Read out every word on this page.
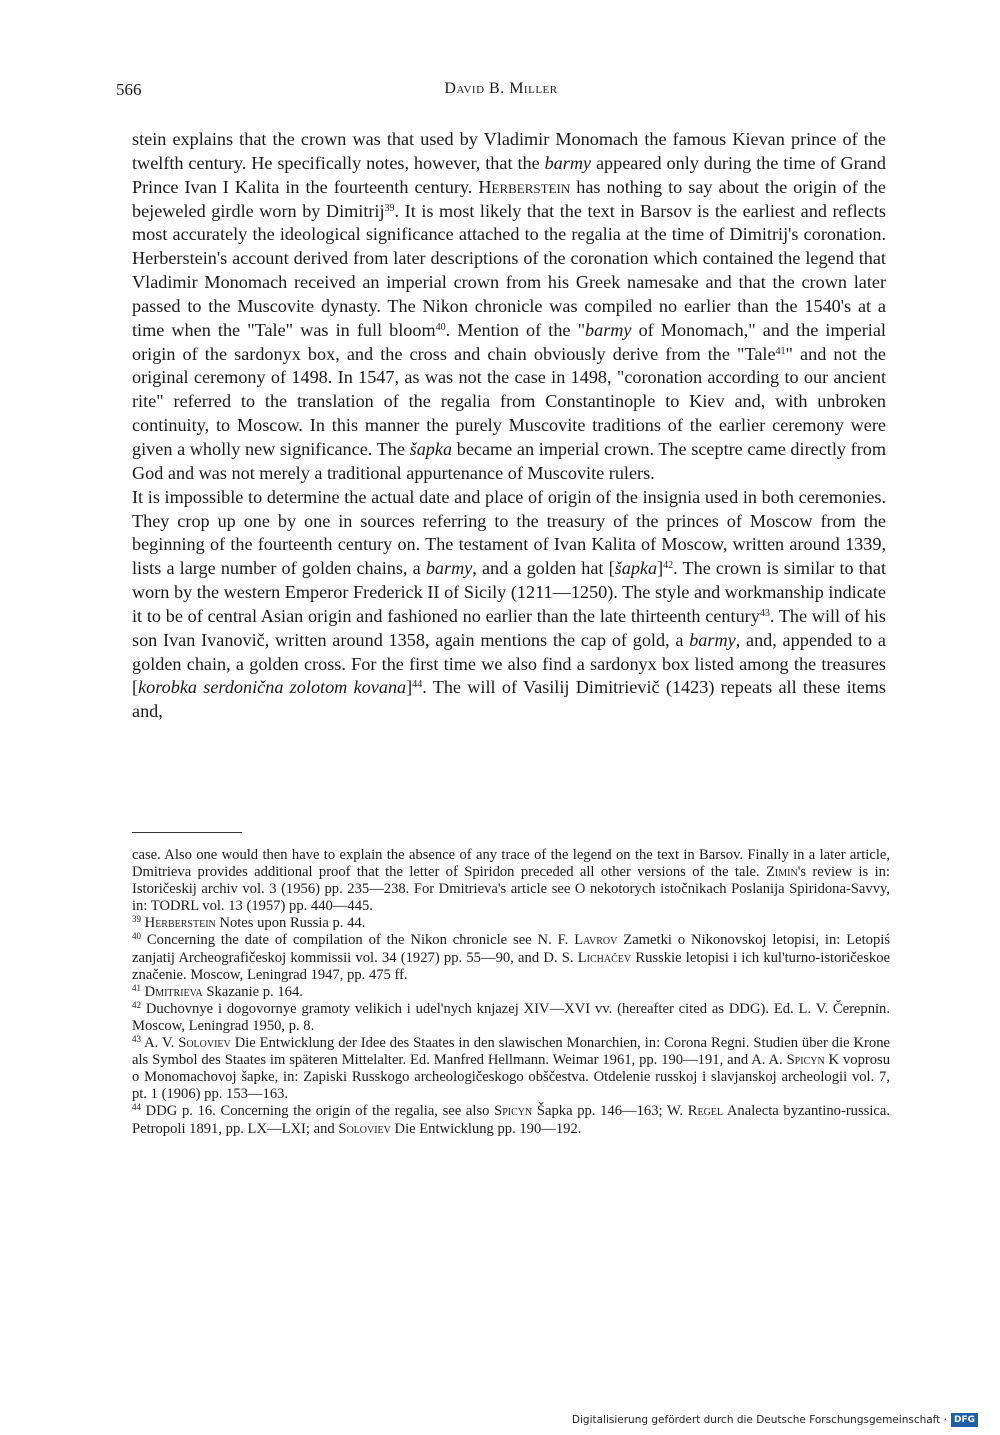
566	David B. Miller

stein explains that the crown was that used by Vladimir Monomach the famous Kievan prince of the twelfth century. He specifically notes, however, that the barmy appeared only during the time of Grand Prince Ivan I Kalita in the fourteenth century. Herberstein has nothing to say about the origin of the bejeweled girdle worn by Dimitrij$^{39}$. It is most likely that the text in Barsov is the earliest and reflects most accurately the ideological significance attached to the regalia at the time of Dimitrij's coronation. Herberstein's account derived from later descriptions of the coronation which contained the legend that Vladimir Monomach received an imperial crown from his Greek namesake and that the crown later passed to the Muscovite dynasty. The Nikon chronicle was compiled no earlier than the 1540's at a time when the "Tale" was in full bloom$^{40}$. Mention of the "barmy of Monomach," and the imperial origin of the sardonyx box, and the cross and chain obviously derive from the "Tale$^{41}$" and not the original ceremony of 1498. In 1547, as was not the case in 1498, "coronation according to our ancient rite" referred to the translation of the regalia from Constantinople to Kiev and, with unbroken continuity, to Moscow. In this manner the purely Muscovite traditions of the earlier ceremony were given a wholly new significance. The šapka became an imperial crown. The sceptre came directly from God and was not merely a traditional appurtenance of Muscovite rulers.

It is impossible to determine the actual date and place of origin of the insignia used in both ceremonies. They crop up one by one in sources referring to the treasury of the princes of Moscow from the beginning of the fourteenth century on. The testament of Ivan Kalita of Moscow, written around 1339, lists a large number of golden chains, a barmy, and a golden hat [šapka]$^{42}$. The crown is similar to that worn by the western Emperor Frederick II of Sicily (1211—1250). The style and workmanship indicate it to be of central Asian origin and fashioned no earlier than the late thirteenth century$^{43}$. The will of his son Ivan Ivanovič, written around 1358, again mentions the cap of gold, a barmy, and, appended to a golden chain, a golden cross. For the first time we also find a sardonyx box listed among the treasures [korobka serdonična zolotom kovana]$^{44}$. The will of Vasilij Dimitrievič (1423) repeats all these items and,

case. Also one would then have to explain the absence of any trace of the legend on the text in Barsov. Finally in a later article, Dmitrieva provides additional proof that the letter of Spiridon preceded all other versions of the tale. Zimin's review is in: Istoričeskij archiv vol. 3 (1956) pp. 235—238. For Dmitrieva's article see O nekotorych istočnikach Poslanija Spiridona-Savvy, in: TODRL vol. 13 (1957) pp. 440—445.

$^{39}$ Herberstein Notes upon Russia p. 44.

$^{40}$ Concerning the date of compilation of the Nikon chronicle see N. F. Lavrov Zametki o Nikonovskoj letopisi, in: Letopiś zanjatij Archeografičeskoj kommissii vol. 34 (1927) pp. 55—90, and D. S. Lichačev Russkie letopisi i ich kul'turno-istoričeskoe značenie. Moscow, Leningrad 1947, pp. 475 ff.

$^{41}$ Dmitrieva Skazanie p. 164.

$^{42}$ Duchovnye i dogovornye gramoty velikich i udel'nych knjazej XIV—XVI vv. (hereafter cited as DDG). Ed. L. V. Čerepnin. Moscow, Leningrad 1950, p. 8.

$^{43}$ A. V. Soloviev Die Entwicklung der Idee des Staates in den slawischen Monarchien, in: Corona Regni. Studien über die Krone als Symbol des Staates im späteren Mittelalter. Ed. Manfred Hellmann. Weimar 1961, pp. 190—191, and A. A. Spicyn K voprosu o Monomachovoj šapke, in: Zapiski Russkogo archeologičeskogo obščestva. Otdelenie russkoj i slavjanskoj archeologii vol. 7, pt. 1 (1906) pp. 153—163.

$^{44}$ DDG p. 16. Concerning the origin of the regalia, see also Spicyn Šapka pp. 146—163; W. Regel Analecta byzantino-russica. Petropoli 1891, pp. LX—LXI; and Soloviev Die Entwicklung pp. 190—192.

Digitalisierung gefördert durch die Deutsche Forschungsgemeinschaft · DFG
